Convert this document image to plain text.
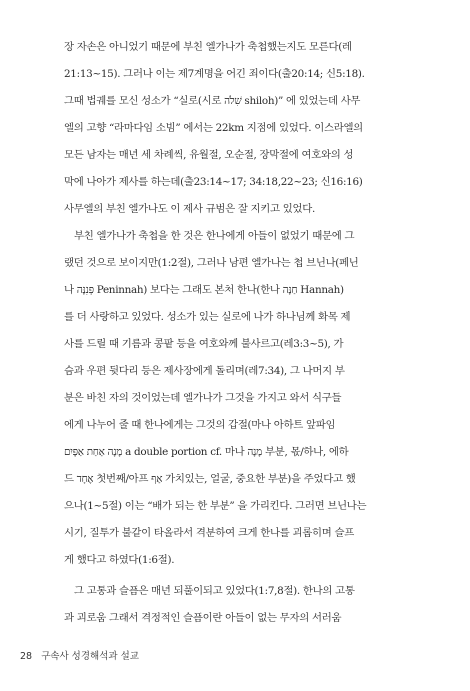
장 자손은 아니었기 때문에 부친 엘가나가 축첩했는지도 모른다(레
21:13~15). 그러나 이는 제7계명을 어긴 죄이다(출20:14; 신5:18).
그때 법궤를 모신 성소가 “실로(시로 שִׁלֹה shiloh)” 에 있었는데 사무
엘의 고향 “라마다임 소빔” 에서는 22km 지점에 있었다. 이스라엘의
모든 남자는 매년 세 차례씩, 유월절, 오순절, 장막절에 여호와의 성
막에 나아가 제사를 하는데(출23:14~17; 34:18,22~23; 신16:16)
사무엘의 부친 엘가나도 이 제사 규범은 잘 지키고 있었다.
부친 엘가나가 축첩을 한 것은 한나에게 아들이 없었기 때문에 그
랬던 것으로 보이지만(1:2절), 그러나 남편 엘가나는 첩 브닌나(페닌
나 פְּנִנָּה Peninnah) 보다는 그래도 본처 한나(한나 חַנָּה Hannah)
를 더 사랑하고 있었다. 성소가 있는 실로에 나가 하나님께 화목 제
사를 드릴 때 기름과 콩팥 등을 여호와께 불사르고(레3:3~5), 가
슴과 우편 뒷다리 등은 제사장에게 돌리며(레7:34), 그 나머지 부
분은 바친 자의 것이었는데 엘가나가 그것을 가지고 와서 식구들
에게 나누어 줄 때 한나에게는 그것의 갑절(마나 아하트 앞파임
מָנָה אַחַת אַפָּיִם a double portion cf. 마나 מָנָה 부분, 몫/하나, 에하
드 אֶחָד 첫번째/아프 אַף 가치있는, 얼굴, 중요한 부분)을 주었다고 했
으나(1~5절) 이는 “배가 되는 한 부분” 을 가리킨다. 그러면 브닌나는
시기, 질투가 불같이 타올라서 격분하여 크게 한나를 괴롭히며 슬프
게 했다고 하였다(1:6절).
그 고통과 슬픔은 매년 되풀이되고 있었다(1:7,8절). 한나의 고통
과 괴로움 그래서 격정적인 슬픔이란 아들이 없는 무자의 서러움
28 구속사 성경해석과 설교
